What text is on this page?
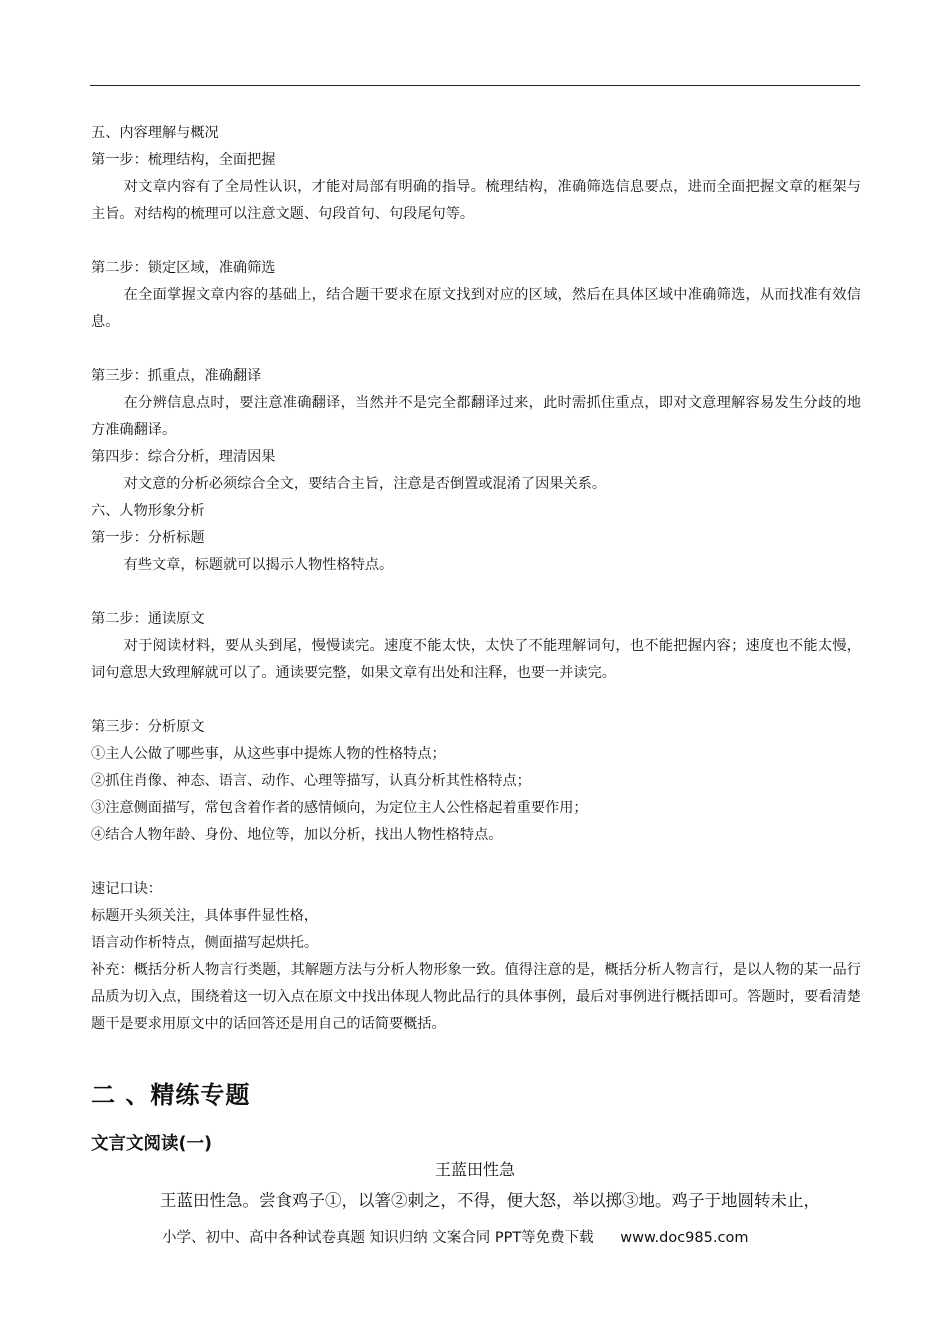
五、内容理解与概况

第一步：梳理结构，全面把握

对文章内容有了全局性认识，才能对局部有明确的指导。梳理结构，准确筛选信息要点，进而全面把握文章的框架与主旨。对结构的梳理可以注意文题、句段首句、句段尾句等。

第二步：锁定区域，准确筛选

在全面掌握文章内容的基础上，结合题干要求在原文找到对应的区域，然后在具体区域中准确筛选，从而找准有效信息。

第三步：抓重点，准确翻译

在分辨信息点时，要注意准确翻译，当然并不是完全都翻译过来，此时需抓住重点，即对文意理解容易发生分歧的地方准确翻译。

第四步：综合分析，理清因果

对文意的分析必须综合全文，要结合主旨，注意是否倒置或混淆了因果关系。

六、人物形象分析

第一步：分析标题

有些文章，标题就可以揭示人物性格特点。

第二步：通读原文

对于阅读材料，要从头到尾，慢慢读完。速度不能太快，太快了不能理解词句，也不能把握内容；速度也不能太慢，词句意思大致理解就可以了。通读要完整，如果文章有出处和注释，也要一并读完。

第三步：分析原文

①主人公做了哪些事，从这些事中提炼人物的性格特点；

②抓住肖像、神态、语言、动作、心理等描写，认真分析其性格特点；

③注意侧面描写，常包含着作者的感情倾向，为定位主人公性格起着重要作用；

④结合人物年龄、身份、地位等，加以分析，找出人物性格特点。

速记口诀：

标题开头须关注，具体事件显性格，

语言动作析特点，侧面描写起烘托。

补充：概括分析人物言行类题，其解题方法与分析人物形象一致。值得注意的是，概括分析人物言行，是以人物的某一品行品质为切入点，围绕着这一切入点在原文中找出体现人物此品行的具体事例，最后对事例进行概括即可。答题时，要看清楚题干是要求用原文中的话回答还是用自己的话简要概括。

二 、精练专题
文言文阅读(一)
王蓝田性急
王蓝田性急。尝食鸡子①，以箸②刺之，不得，便大怒，举以掷③地。鸡子于地圆转未止，
小学、初中、高中各种试卷真题 知识归纳 文案合同 PPT等免费下载 www.doc985.com
